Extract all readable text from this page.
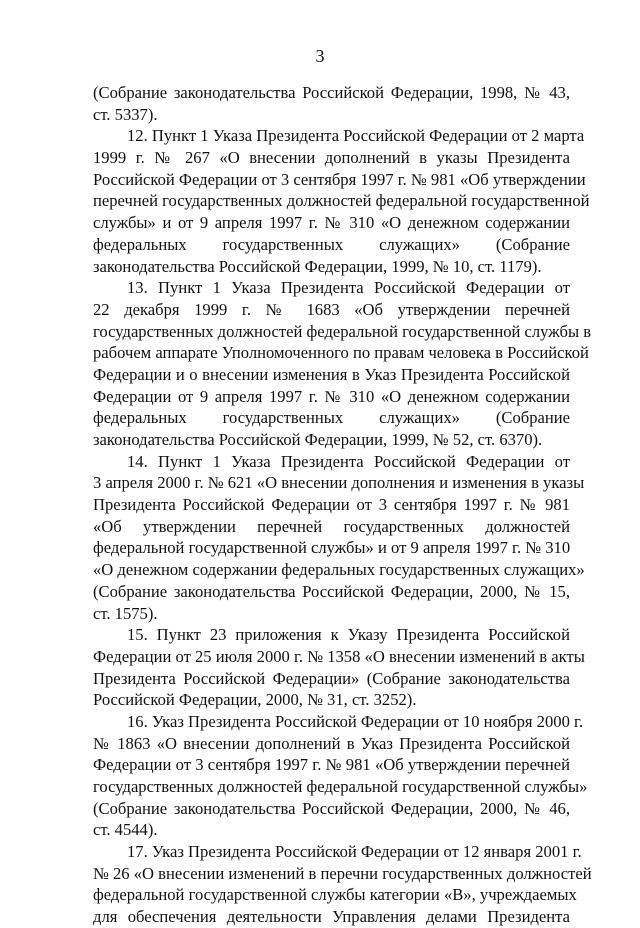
3
(Собрание законодательства Российской Федерации, 1998, № 43,
ст. 5337).
12. Пункт 1 Указа Президента Российской Федерации от 2 марта
1999 г. № 267 «О внесении дополнений в указы Президента
Российской Федерации от 3 сентября 1997 г. № 981 «Об утверждении
перечней государственных должностей федеральной государственной
службы» и от 9 апреля 1997 г. № 310 «О денежном содержании
федеральных государственных служащих» (Собрание
законодательства Российской Федерации, 1999, № 10, ст. 1179).
13. Пункт 1 Указа Президента Российской Федерации от
22 декабря 1999 г. № 1683 «Об утверждении перечней
государственных должностей федеральной государственной службы в
рабочем аппарате Уполномоченного по правам человека в Российской
Федерации и о внесении изменения в Указ Президента Российской
Федерации от 9 апреля 1997 г. № 310 «О денежном содержании
федеральных государственных служащих» (Собрание
законодательства Российской Федерации, 1999, № 52, ст. 6370).
14. Пункт 1 Указа Президента Российской Федерации от
3 апреля 2000 г. № 621 «О внесении дополнения и изменения в указы
Президента Российской Федерации от 3 сентября 1997 г. № 981
«Об утверждении перечней государственных должностей
федеральной государственной службы» и от 9 апреля 1997 г. № 310
«О денежном содержании федеральных государственных служащих»
(Собрание законодательства Российской Федерации, 2000, № 15,
ст. 1575).
15. Пункт 23 приложения к Указу Президента Российской
Федерации от 25 июля 2000 г. № 1358 «О внесении изменений в акты
Президента Российской Федерации» (Собрание законодательства
Российской Федерации, 2000, № 31, ст. 3252).
16. Указ Президента Российской Федерации от 10 ноября 2000 г.
№ 1863 «О внесении дополнений в Указ Президента Российской
Федерации от 3 сентября 1997 г. № 981 «Об утверждении перечней
государственных должностей федеральной государственной службы»
(Собрание законодательства Российской Федерации, 2000, № 46,
ст. 4544).
17. Указ Президента Российской Федерации от 12 января 2001 г.
№ 26 «О внесении изменений в перечни государственных должностей
федеральной государственной службы категории «В», учреждаемых
для обеспечения деятельности Управления делами Президента
